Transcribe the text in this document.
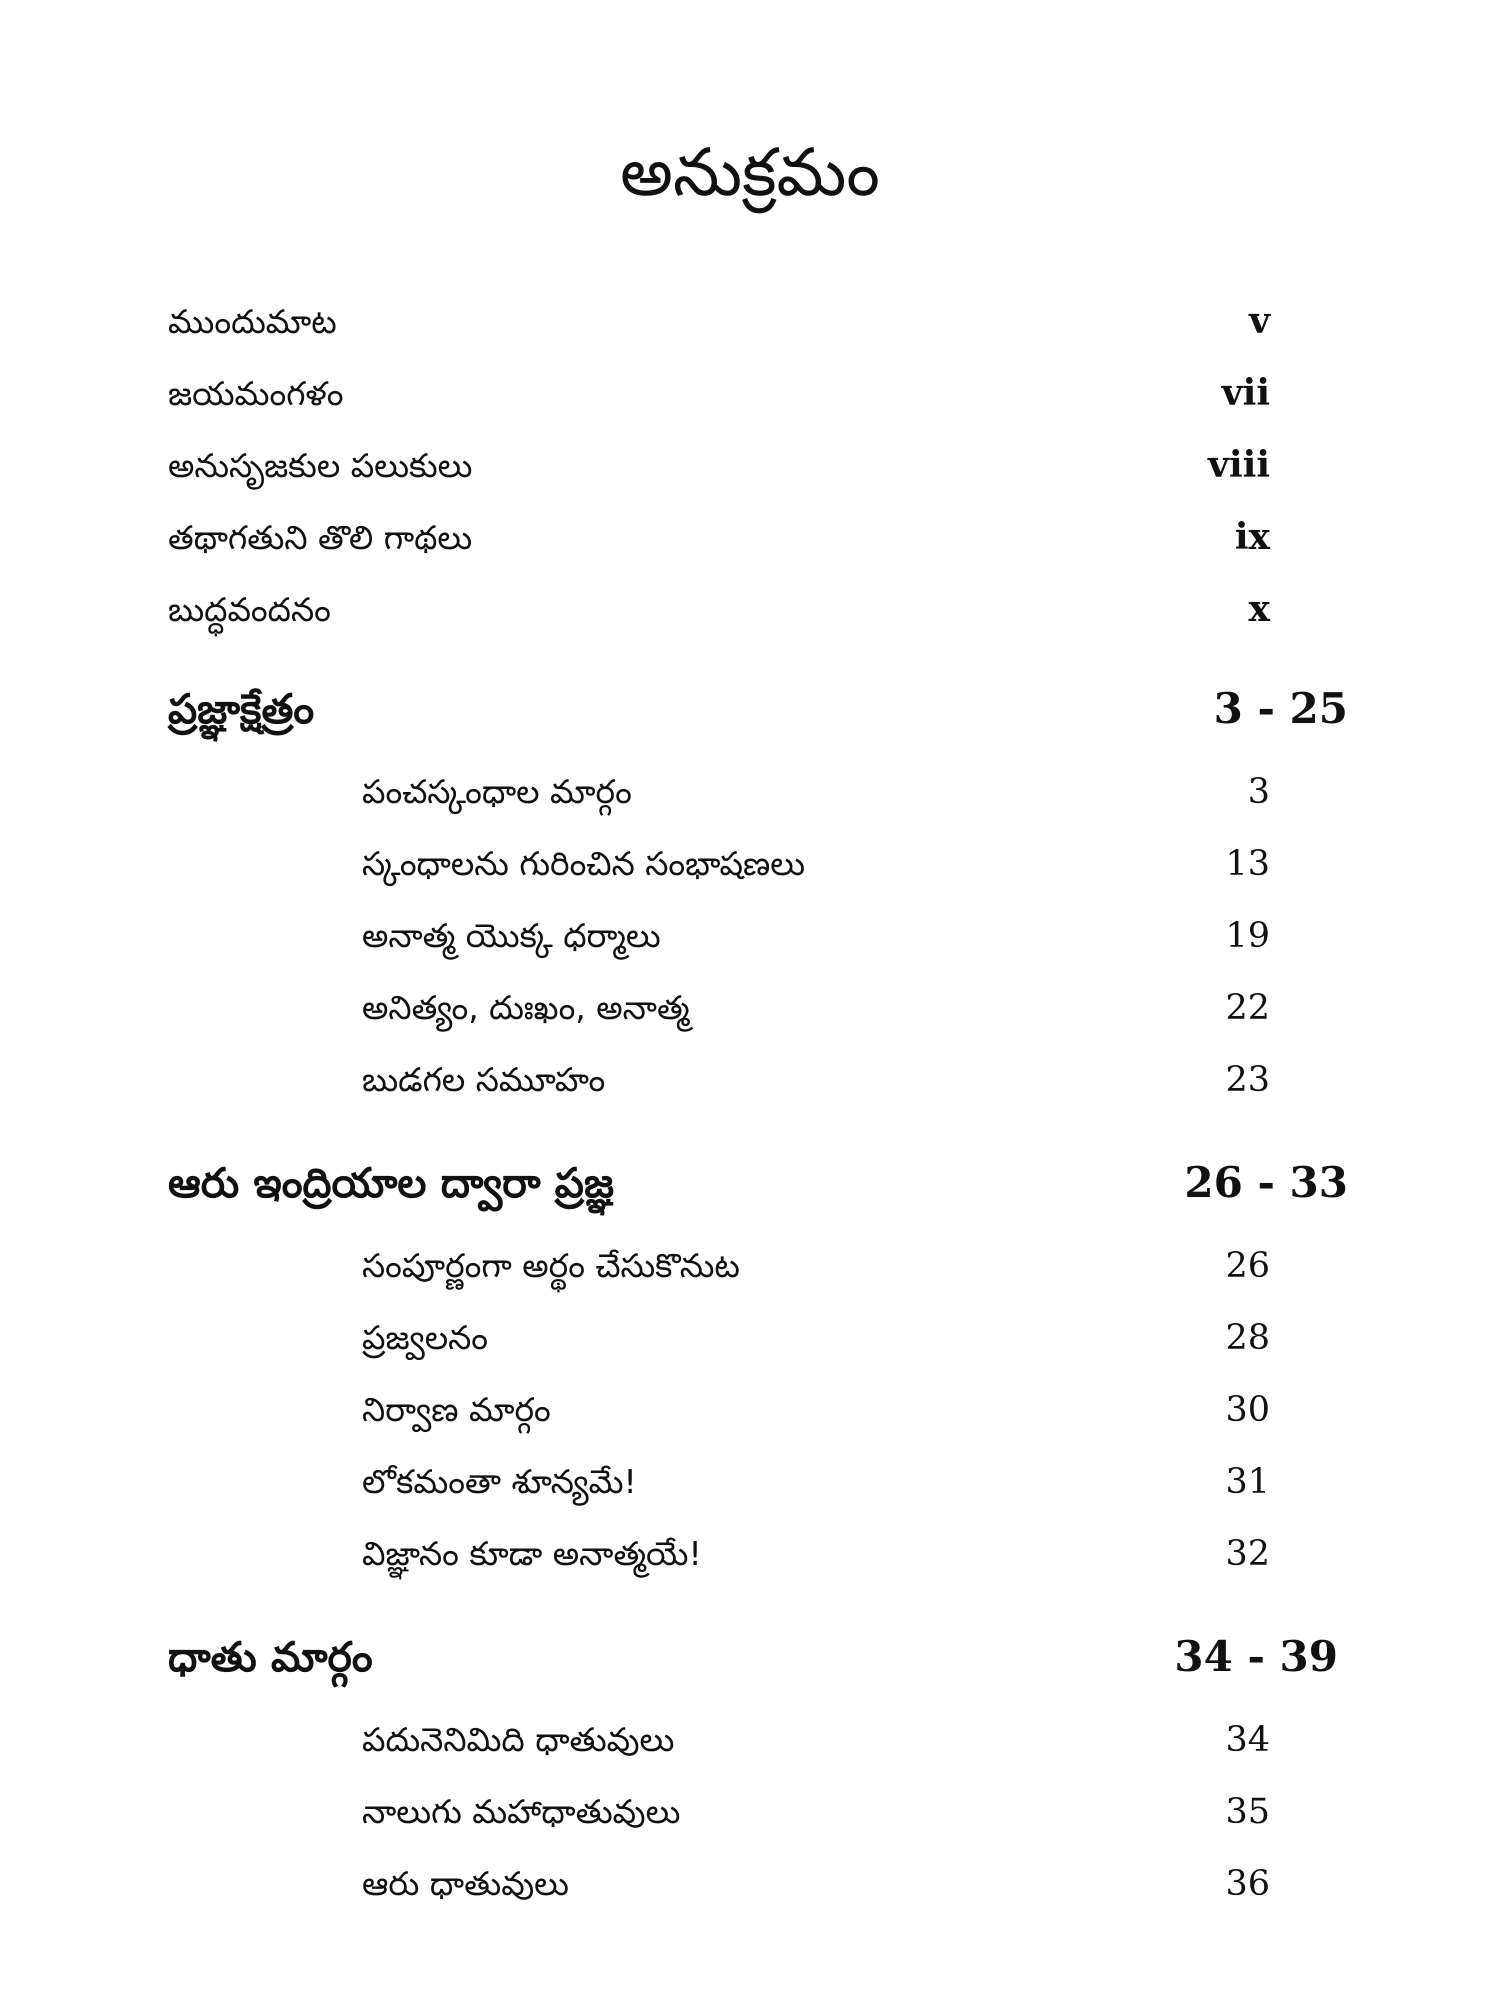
అనుక్రమం
ముందుమాట	v
జయమంగళం	vii
అనుసృజకుల పలుకులు	viii
తథాగతుని తొలి గాథలు	ix
బుద్ధవందనం	x
ప్రజ్ఞాక్షేత్రం	3 - 25
పంచస్కంధాల మార్గం	3
స్కంధాలను గురించిన సంభాషణలు	13
అనాత్మ యొక్క ధర్మాలు	19
అనిత్యం, దుఃఖం, అనాత్మ	22
బుడగల సమూహం	23
ఆరు ఇంద్రియాల ద్వారా ప్రజ్ఞ	26 - 33
సంపూర్ణంగా అర్థం చేసుకొనుట	26
ప్రజ్వలనం	28
నిర్వాణ మార్గం	30
లోకమంతా శూన్యమే!	31
విజ్ఞానం కూడా అనాత్మయే!	32
ధాతు మార్గం	34 - 39
పదునెనిమిది ధాతువులు	34
నాలుగు మహాధాతువులు	35
ఆరు ధాతువులు	36
